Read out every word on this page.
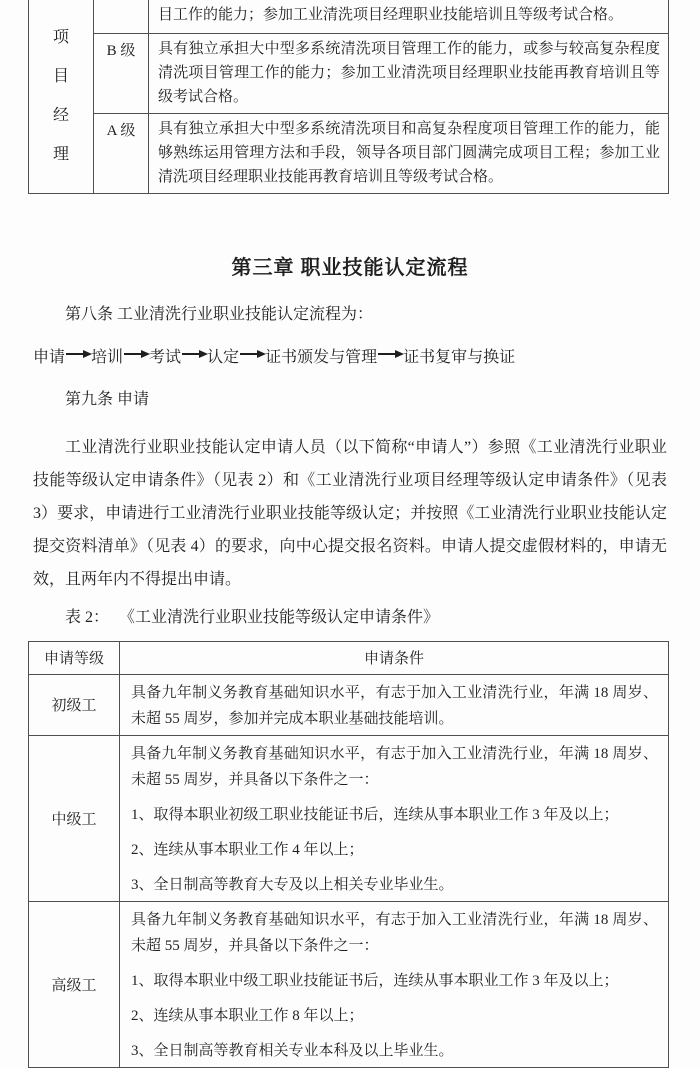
项
目
经
理		目工作的能力；参加工业清洗项目经理职业技能培训且等级考试合格。
	B 级	具有独立承担大中型多系统清洗项目管理工作的能力，或参与较高复杂程度清洗项目管理工作的能力；参加工业清洗项目经理职业技能再教育培训且等级考试合格。
	A 级	具有独立承担大中型多系统清洗项目和高复杂程度项目管理工作的能力，能够熟练运用管理方法和手段，领导各项目部门圆满完成项目工程；参加工业清洗项目经理职业技能再教育培训且等级考试合格。
第三章 职业技能认定流程
第八条 工业清洗行业职业技能认定流程为：
申请 培训 考试 认定 证书颁发与管理 证书复审与换证
第九条 申请
工业清洗行业职业技能认定申请人员（以下简称“申请人”）参照《工业清洗行业职业技能等级认定申请条件》（见表 2）和《工业清洗行业项目经理等级认定申请条件》（见表 3）要求，申请进行工业清洗行业职业技能等级认定；并按照《工业清洗行业职业技能认定提交资料清单》（见表 4）的要求，向中心提交报名资料。申请人提交虚假材料的，申请无效，且两年内不得提出申请。
表 2： 《工业清洗行业职业技能等级认定申请条件》
申请等级	申请条件
初级工	具备九年制义务教育基础知识水平，有志于加入工业清洗行业，年满 18 周岁、未超 55 周岁，参加并完成本职业基础技能培训。

中级工	具备九年制义务教育基础知识水平，有志于加入工业清洗行业，年满 18 周岁、未超 55 周岁，并具备以下条件之一：

1、取得本职业初级工职业技能证书后，连续从事本职业工作 3 年及以上；

2、连续从事本职业工作 4 年以上；

3、全日制高等教育大专及以上相关专业毕业生。

高级工	具备九年制义务教育基础知识水平，有志于加入工业清洗行业，年满 18 周岁、未超 55 周岁，并具备以下条件之一：

1、取得本职业中级工职业技能证书后，连续从事本职业工作 3 年及以上；

2、连续从事本职业工作 8 年以上；

3、全日制高等教育相关专业本科及以上毕业生。
